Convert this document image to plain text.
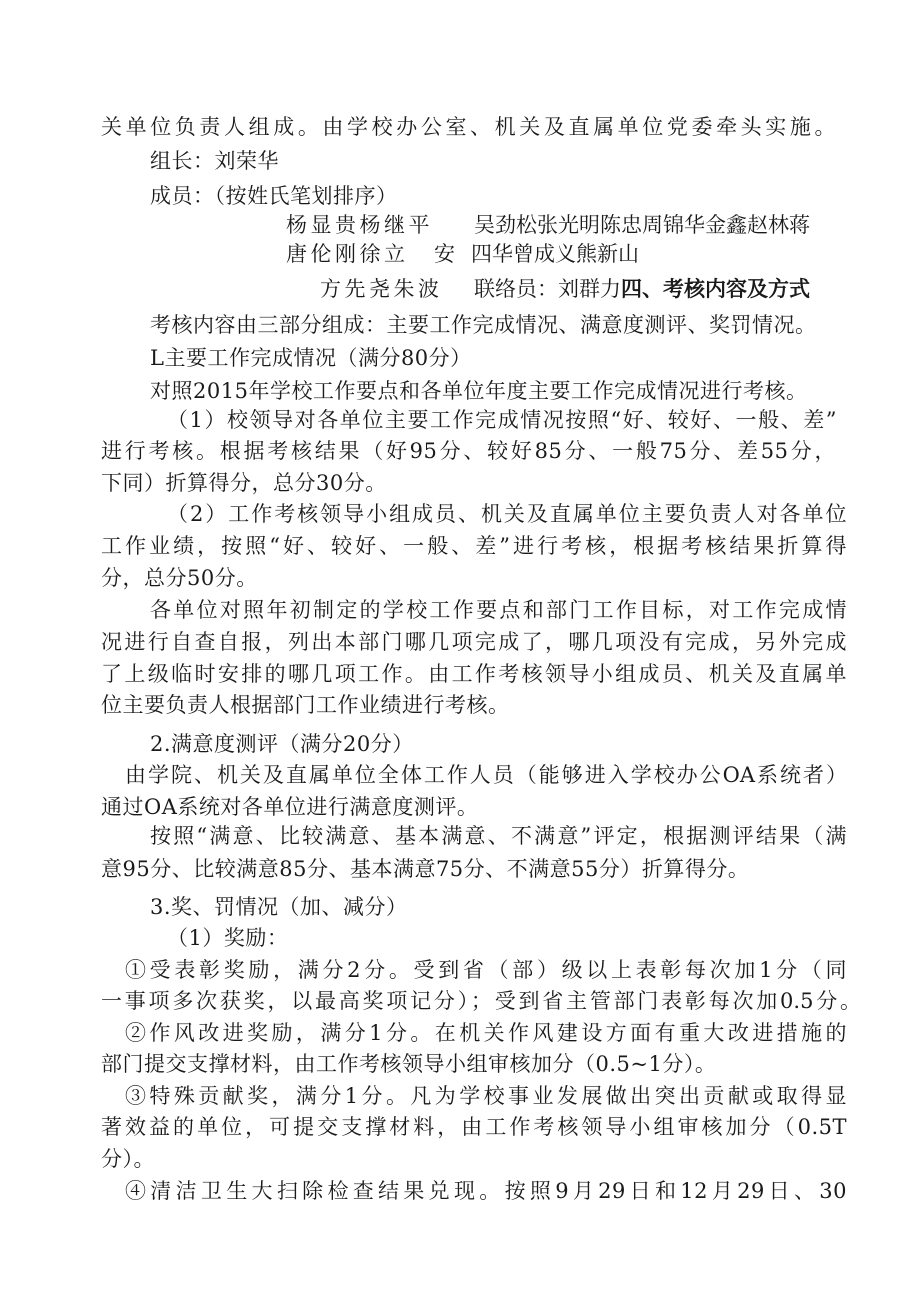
关单位负责人组成。由学校办公室、机关及直属单位党委牵头实施。
组长：刘荣华
成员：（按姓氏笔划排序）
杨显贵杨继平 吴劲松张光明陈忠周锦华金鑫赵林蒋
唐伦刚徐立 安 四华曾成义熊新山
方先尧朱波 联络员：刘群力四、考核内容及方式
考核内容由三部分组成：主要工作完成情况、满意度测评、奖罚情况。
L主要工作完成情况（满分80分）
对照2015年学校工作要点和各单位年度主要工作完成情况进行考核。
（1）校领导对各单位主要工作完成情况按照“好、较好、一般、差”
进行考核。根据考核结果（好95分、较好85分、一般75分、差55分，
下同）折算得分，总分30分。
（2）工作考核领导小组成员、机关及直属单位主要负责人对各单位
工作业绩，按照“好、较好、一般、差”进行考核，根据考核结果折算得
分，总分50分。
各单位对照年初制定的学校工作要点和部门工作目标，对工作完成情
况进行自查自报，列出本部门哪几项完成了，哪几项没有完成，另外完成
了上级临时安排的哪几项工作。由工作考核领导小组成员、机关及直属单
位主要负责人根据部门工作业绩进行考核。
2.满意度测评（满分20分）
由学院、机关及直属单位全体工作人员（能够进入学校办公OA系统者）
通过OA系统对各单位进行满意度测评。
按照“满意、比较满意、基本满意、不满意”评定，根据测评结果（满
意95分、比较满意85分、基本满意75分、不满意55分）折算得分。
3.奖、罚情况（加、减分）
（1）奖励：
①受表彰奖励，满分2分。受到省（部）级以上表彰每次加1分（同
一事项多次获奖，以最高奖项记分）；受到省主管部门表彰每次加0.5分。
②作风改进奖励，满分1分。在机关作风建设方面有重大改进措施的
部门提交支撑材料，由工作考核领导小组审核加分（0.5~1分）。
③特殊贡献奖，满分1分。凡为学校事业发展做出突出贡献或取得显
著效益的单位，可提交支撑材料，由工作考核领导小组审核加分（0.5T
分）。
④清洁卫生大扫除检查结果兑现。按照9月29日和12月29日、30
